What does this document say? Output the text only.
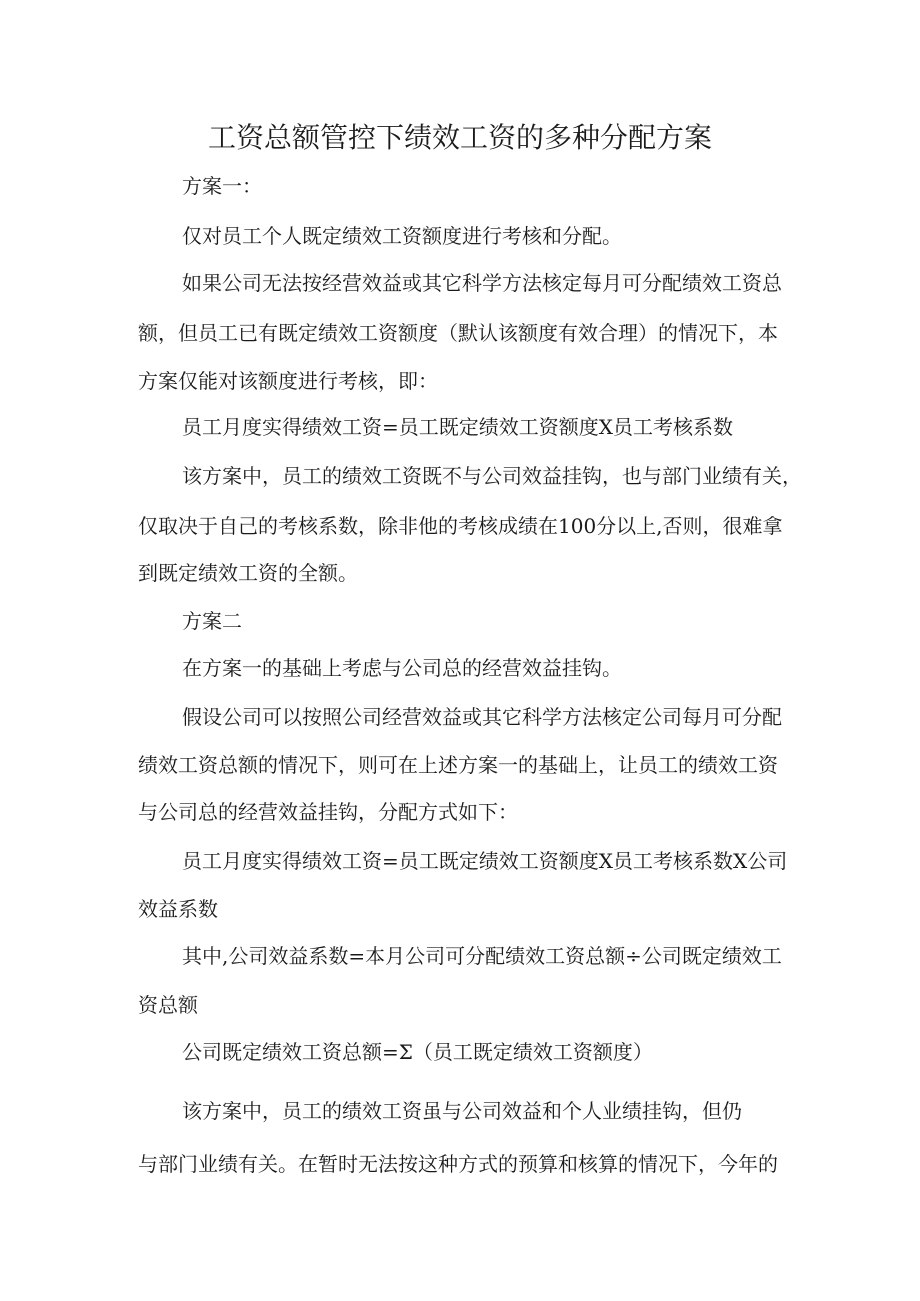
工资总额管控下绩效工资的多种分配方案

方案一：

仅对员工个人既定绩效工资额度进行考核和分配。

如果公司无法按经营效益或其它科学方法核定每月可分配绩效工资总

额，但员工已有既定绩效工资额度（默认该额度有效合理）的情况下，本

方案仅能对该额度进行考核，即：

员工月度实得绩效工资=员工既定绩效工资额度X员工考核系数

该方案中，员工的绩效工资既不与公司效益挂钩，也与部门业绩有关，

仅取决于自己的考核系数，除非他的考核成绩在100分以上,否则，很难拿

到既定绩效工资的全额。

方案二

在方案一的基础上考虑与公司总的经营效益挂钩。

假设公司可以按照公司经营效益或其它科学方法核定公司每月可分配

绩效工资总额的情况下，则可在上述方案一的基础上，让员工的绩效工资

与公司总的经营效益挂钩，分配方式如下：

员工月度实得绩效工资=员工既定绩效工资额度X员工考核系数X公司

效益系数

其中,公司效益系数=本月公司可分配绩效工资总额÷公司既定绩效工

资总额

公司既定绩效工资总额=Σ（员工既定绩效工资额度）

该方案中，员工的绩效工资虽与公司效益和个人业绩挂钩，但仍

与部门业绩有关。在暂时无法按这种方式的预算和核算的情况下，今年的
